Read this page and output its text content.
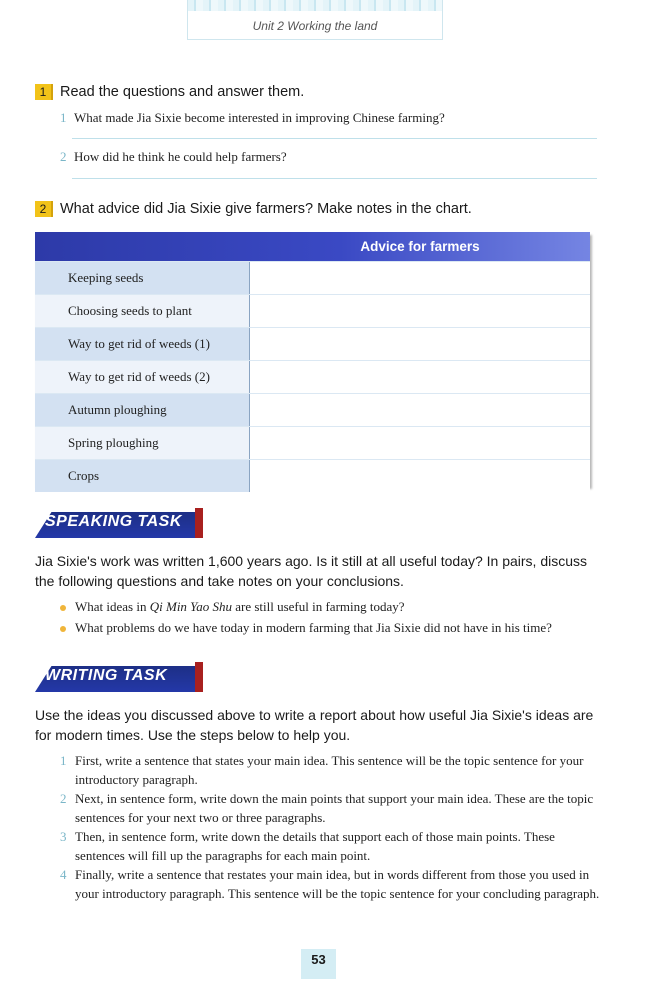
Unit 2 Working the land
1 Read the questions and answer them.
1 What made Jia Sixie become interested in improving Chinese farming?
2 How did he think he could help farmers?
2 What advice did Jia Sixie give farmers? Make notes in the chart.
Advice for farmers
Keeping seeds
Choosing seeds to plant
Way to get rid of weeds (1)
Way to get rid of weeds (2)
Autumn ploughing
Spring ploughing
Crops
SPEAKING TASK
Jia Sixie's work was written 1,600 years ago. Is it still at all useful today? In pairs, discuss the following questions and take notes on your conclusions.
What ideas in Qi Min Yao Shu are still useful in farming today?
What problems do we have today in modern farming that Jia Sixie did not have in his time?
WRITING TASK
Use the ideas you discussed above to write a report about how useful Jia Sixie's ideas are for modern times. Use the steps below to help you.
1 First, write a sentence that states your main idea. This sentence will be the topic sentence for your introductory paragraph.
2 Next, in sentence form, write down the main points that support your main idea. These are the topic sentences for your next two or three paragraphs.
3 Then, in sentence form, write down the details that support each of those main points. These sentences will fill up the paragraphs for each main point.
4 Finally, write a sentence that restates your main idea, but in words different from those you used in your introductory paragraph. This sentence will be the topic sentence for your concluding paragraph.
53
